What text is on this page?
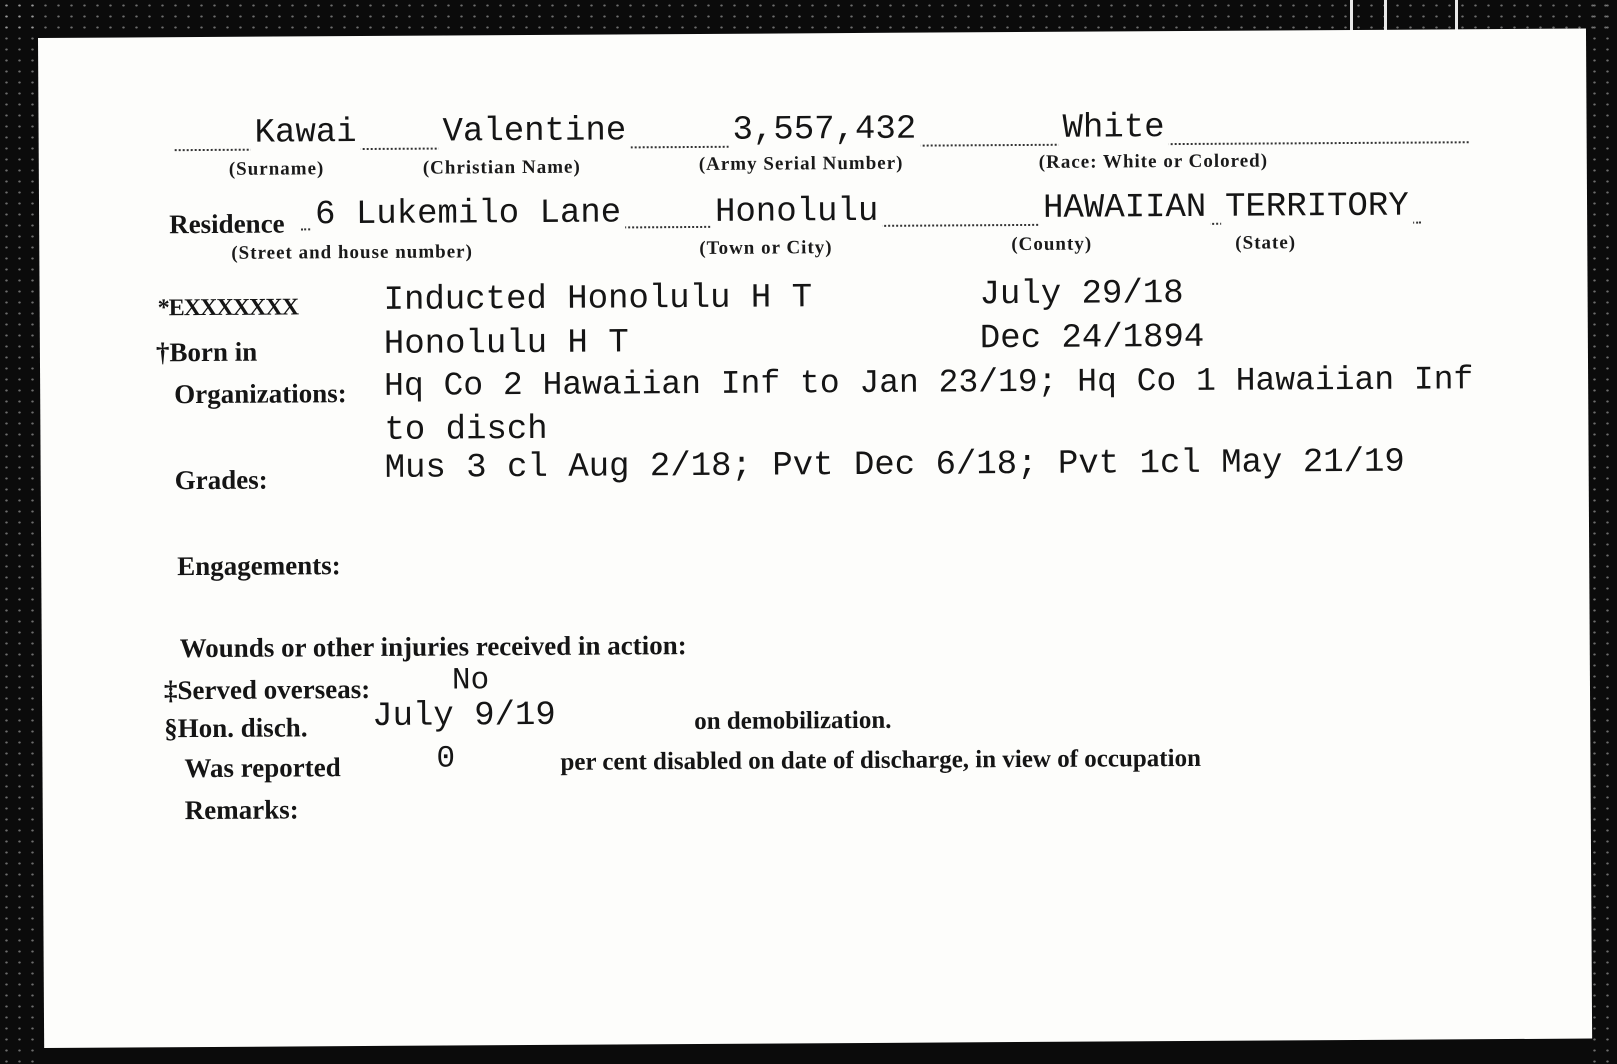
Kawai	Valentine	3,557,432	White
(Surname)	(Christian Name)	(Army Serial Number)	(Race: White or Colored)
Residence 6 Lukemilo Lane	Honolulu	HAWAIIAN TERRITORY
(Street and house number)	(Town or City)	(County)	(State)
*EXXXXXXX	Inducted Honolulu H T	July 29/18
†Born in	Honolulu H T	Dec 24/1894
Organizations: Hq Co 2 Hawaiian Inf to Jan 23/19; Hq Co 1 Hawaiian Inf
to disch
Grades:	Mus 3 cl Aug 2/18; Pvt Dec 6/18; Pvt 1cl May 21/19
Engagements:
Wounds or other injuries received in action:
‡Served overseas:	No
§Hon. disch. July 9/19	on demobilization.
Was reported	0	per cent disabled on date of discharge, in view of occupation
Remarks:
